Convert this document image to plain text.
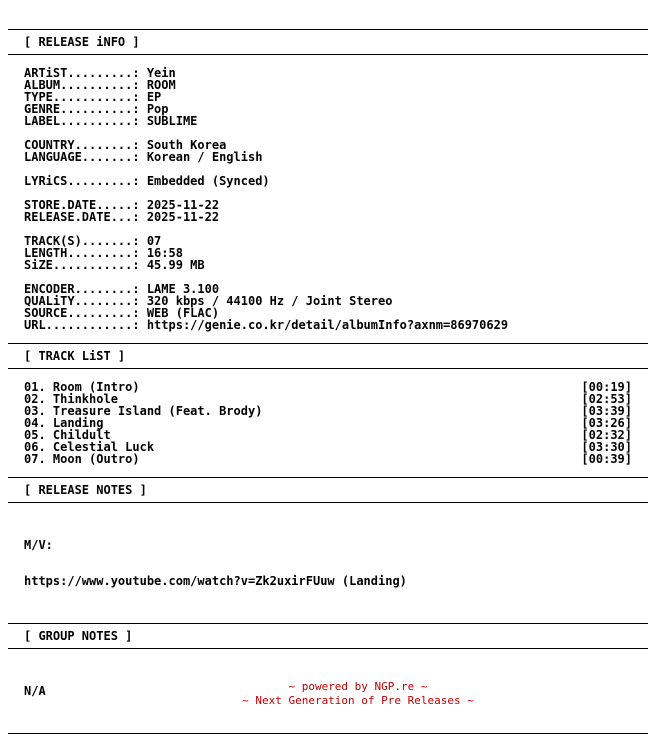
[ RELEASE iNFO ]
ARTiST.........: Yein
ALBUM..........: ROOM
TYPE...........: EP
GENRE..........: Pop
LABEL..........: SUBLIME
COUNTRY........: South Korea
LANGUAGE.......: Korean / English
LYRiCS.........: Embedded (Synced)
STORE.DATE.....: 2025-11-22
RELEASE.DATE...: 2025-11-22
TRACK(S).......: 07
LENGTH.........: 16:58
SiZE...........: 45.99 MB
ENCODER........: LAME 3.100
QUALiTY........: 320 kbps / 44100 Hz / Joint Stereo
SOURCE.........: WEB (FLAC)
URL............: https://genie.co.kr/detail/albumInfo?axnm=86970629
[ TRACK LiST ]
01. Room (Intro)	[00:19]
02. Thinkhole	[02:53]
03. Treasure Island (Feat. Brody)	[03:39]
04. Landing	[03:26]
05. Childult	[02:32]
06. Celestial Luck	[03:30]
07. Moon (Outro)	[00:39]
[ RELEASE NOTES ]

M/V:

https://www.youtube.com/watch?v=Zk2uxirFUuw (Landing)

[ GROUP NOTES ]

N/A

	~ powered by NGP.re ~
~ Next Generation of Pre Releases ~
